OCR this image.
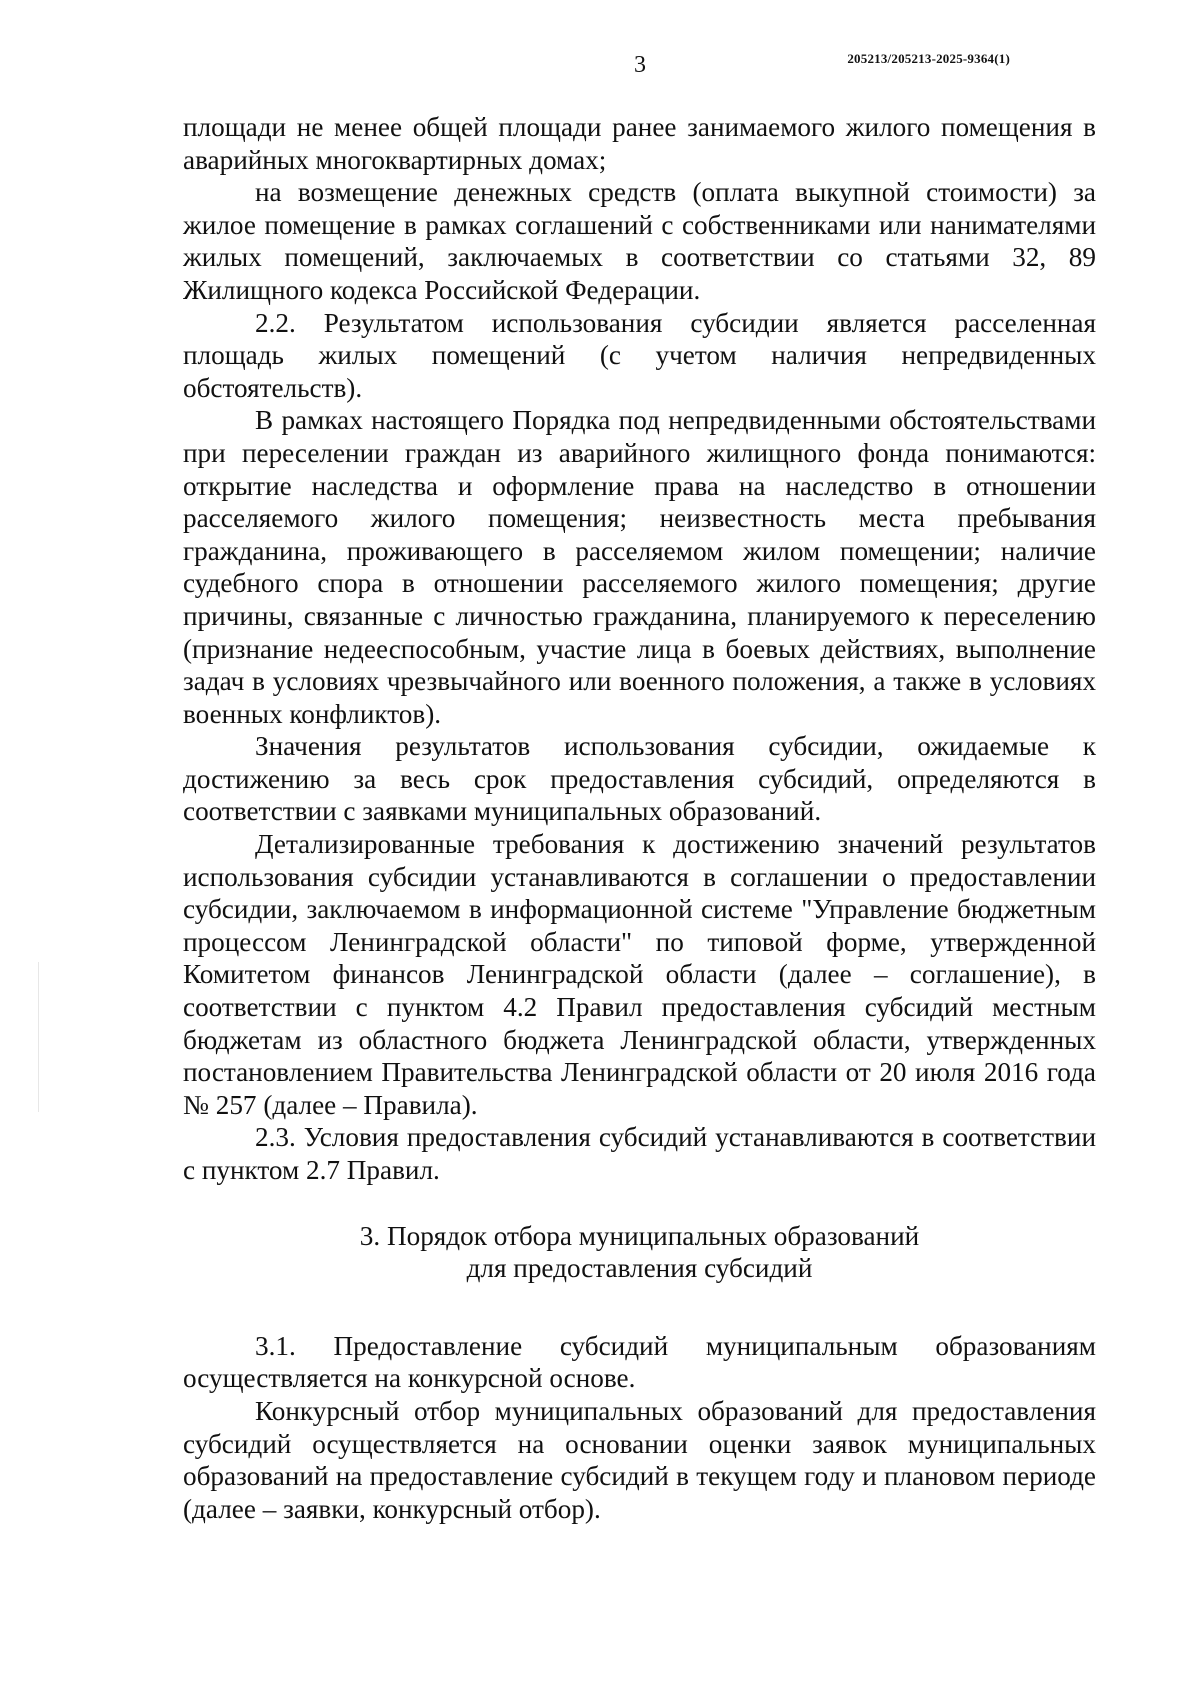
3	205213/205213-2025-9364(1)

площади не менее общей площади ранее занимаемого жилого помещения в аварийных многоквартирных домах;

на возмещение денежных средств (оплата выкупной стоимости) за жилое помещение в рамках соглашений с собственниками или нанимателями жилых помещений, заключаемых в соответствии со статьями 32, 89 Жилищного кодекса Российской Федерации.

2.2. Результатом использования субсидии является расселенная площадь жилых помещений (с учетом наличия непредвиденных обстоятельств).

В рамках настоящего Порядка под непредвиденными обстоятельствами при переселении граждан из аварийного жилищного фонда понимаются: открытие наследства и оформление права на наследство в отношении расселяемого жилого помещения; неизвестность места пребывания гражданина, проживающего в расселяемом жилом помещении; наличие судебного спора в отношении расселяемого жилого помещения; другие причины, связанные с личностью гражданина, планируемого к переселению (признание недееспособным, участие лица в боевых действиях, выполнение задач в условиях чрезвычайного или военного положения, а также в условиях военных конфликтов).

Значения результатов использования субсидии, ожидаемые к достижению за весь срок предоставления субсидий, определяются в соответствии с заявками муниципальных образований.

Детализированные требования к достижению значений результатов использования субсидии устанавливаются в соглашении о предоставлении субсидии, заключаемом в информационной системе "Управление бюджетным процессом Ленинградской области" по типовой форме, утвержденной Комитетом финансов Ленинградской области (далее – соглашение), в соответствии с пунктом 4.2 Правил предоставления субсидий местным бюджетам из областного бюджета Ленинградской области, утвержденных постановлением Правительства Ленинградской области от 20 июля 2016 года № 257 (далее – Правила).

2.3. Условия предоставления субсидий устанавливаются в соответствии с пунктом 2.7 Правил.

3. Порядок отбора муниципальных образований

для предоставления субсидий

3.1. Предоставление субсидий муниципальным образованиям осуществляется на конкурсной основе.

Конкурсный отбор муниципальных образований для предоставления субсидий осуществляется на основании оценки заявок муниципальных образований на предоставление субсидий в текущем году и плановом периоде (далее – заявки, конкурсный отбор).
